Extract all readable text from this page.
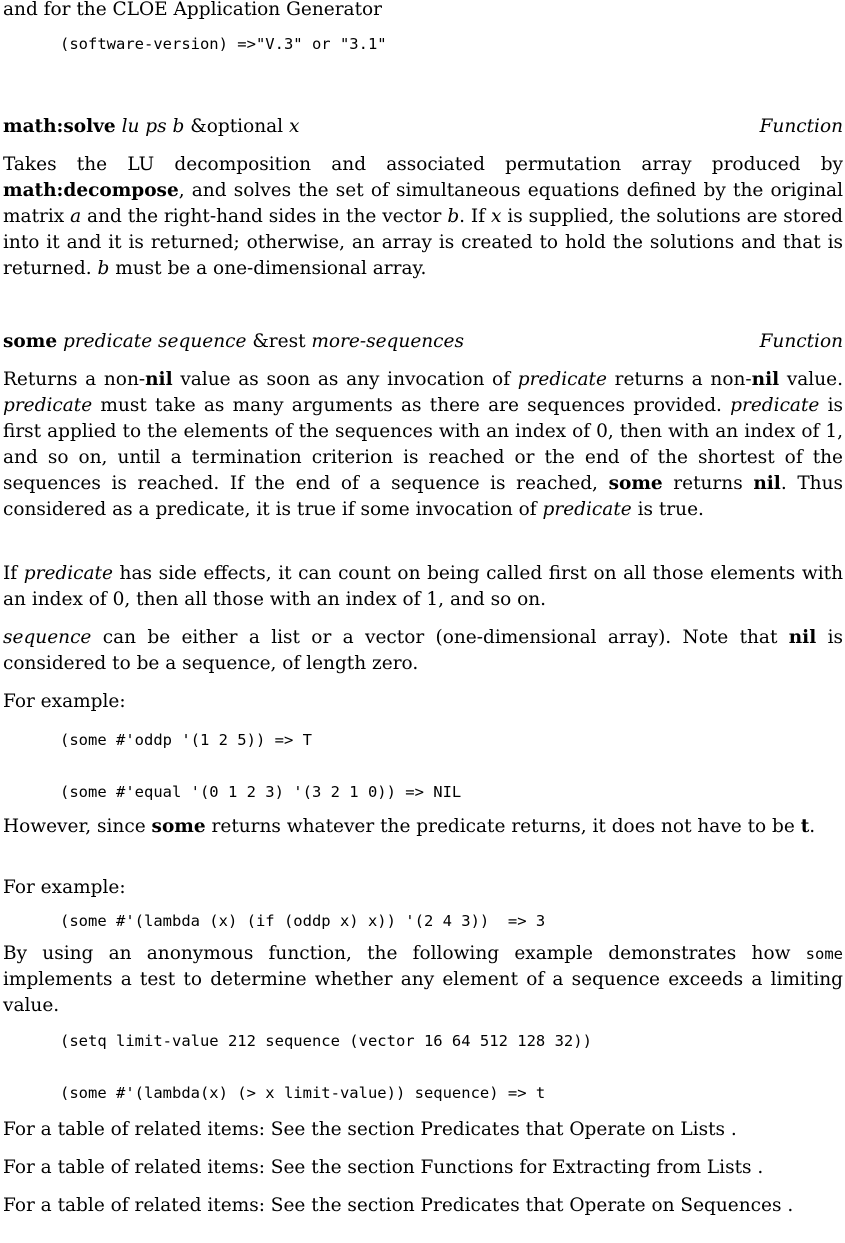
and for the CLOE Application Generator

(software-version) =>"V.3" or "3.1"
math:solve lu ps b &optional x	Function

Takes the LU decomposition and associated permutation array produced by math:decompose, and solves the set of simultaneous equations defined by the original matrix a and the right-hand sides in the vector b. If x is supplied, the solutions are stored into it and it is returned; otherwise, an array is created to hold the solutions and that is returned. b must be a one-dimensional array.

some predicate sequence &rest more-sequences	Function

Returns a non-nil value as soon as any invocation of predicate returns a non-nil value. predicate must take as many arguments as there are sequences provided. predicate is first applied to the elements of the sequences with an index of 0, then with an index of 1, and so on, until a termination criterion is reached or the end of the shortest of the sequences is reached. If the end of a sequence is reached, some returns nil. Thus considered as a predicate, it is true if some invocation of predicate is true.

If predicate has side effects, it can count on being called first on all those elements with an index of 0, then all those with an index of 1, and so on.

sequence can be either a list or a vector (one-dimensional array). Note that nil is considered to be a sequence, of length zero.

For example:

(some #'oddp '(1 2 5)) => T
(some #'equal '(0 1 2 3) '(3 2 1 0)) => NIL

However, since some returns whatever the predicate returns, it does not have to be t.

For example:

(some #'(lambda (x) (if (oddp x) x)) '(2 4 3))  => 3

By using an anonymous function, the following example demonstrates how some implements a test to determine whether any element of a sequence exceeds a limiting value.

(setq limit-value 212 sequence (vector 16 64 512 128 32))
(some #'(lambda(x) (> x limit-value)) sequence) => t

For a table of related items: See the section Predicates that Operate on Lists .

For a table of related items: See the section Functions for Extracting from Lists .

For a table of related items: See the section Predicates that Operate on Sequences .
